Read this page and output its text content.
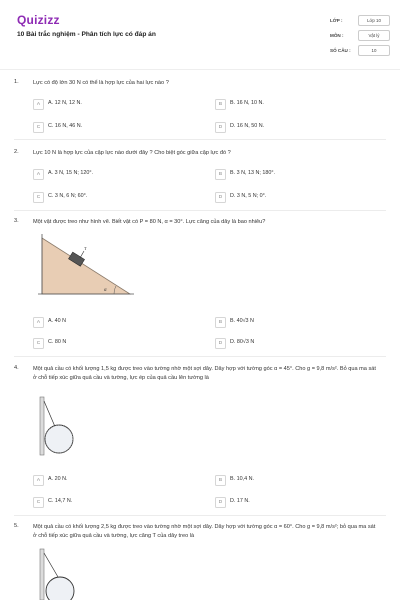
Quizizz
10 Bài trắc nghiệm - Phân tích lực có đáp án
LỚP :	Lớp 10
MÔN :	Vật lý
SỐ CÂU :	10
1.	Lực có độ lớn 30 N có thể là hợp lực của hai lực nào ?
A	A. 12 N, 12 N.	B	B. 16 N, 10 N.
C	C. 16 N, 46 N.	D	D. 16 N, 50 N.
2.	Lực 10 N là hợp lực của cặp lực nào dưới đây ? Cho biệt góc giữa cặp lực đó ?
A	A. 3 N, 15 N; 120°.	B	B. 3 N, 13 N; 180°.
C	C. 3 N, 6 N; 60°.	D	D. 3 N, 5 N; 0°.
3.	Một vật được treo như hình vẽ. Biết vật có P = 80 N, α = 30°. Lực căng của dây là bao nhiêu?
α
T
A	A. 40 N	B	B. 40√3 N
C	C. 80 N	D	D. 80√3 N
4.	Một quả cầu có khối lượng 1,5 kg được treo vào tường nhờ một sợi dây. Dây hợp với tường góc α = 45°. Cho g = 9,8 m/s². Bỏ qua ma sát ở chỗ tiếp xúc giữa quả cầu và tường, lực ép của quả cầu lên tường là
A	A. 20 N.	B	B. 10,4 N.
C	C. 14,7 N.	D	D. 17 N.
5.	Một quả cầu có khối lượng 2,5 kg được treo vào tường nhờ một sợi dây. Dây hợp với tường góc α = 60°. Cho g = 9,8 m/s²; bỏ qua ma sát ở chỗ tiếp xúc giữa quả cầu và tường, lực căng T của dây treo là
